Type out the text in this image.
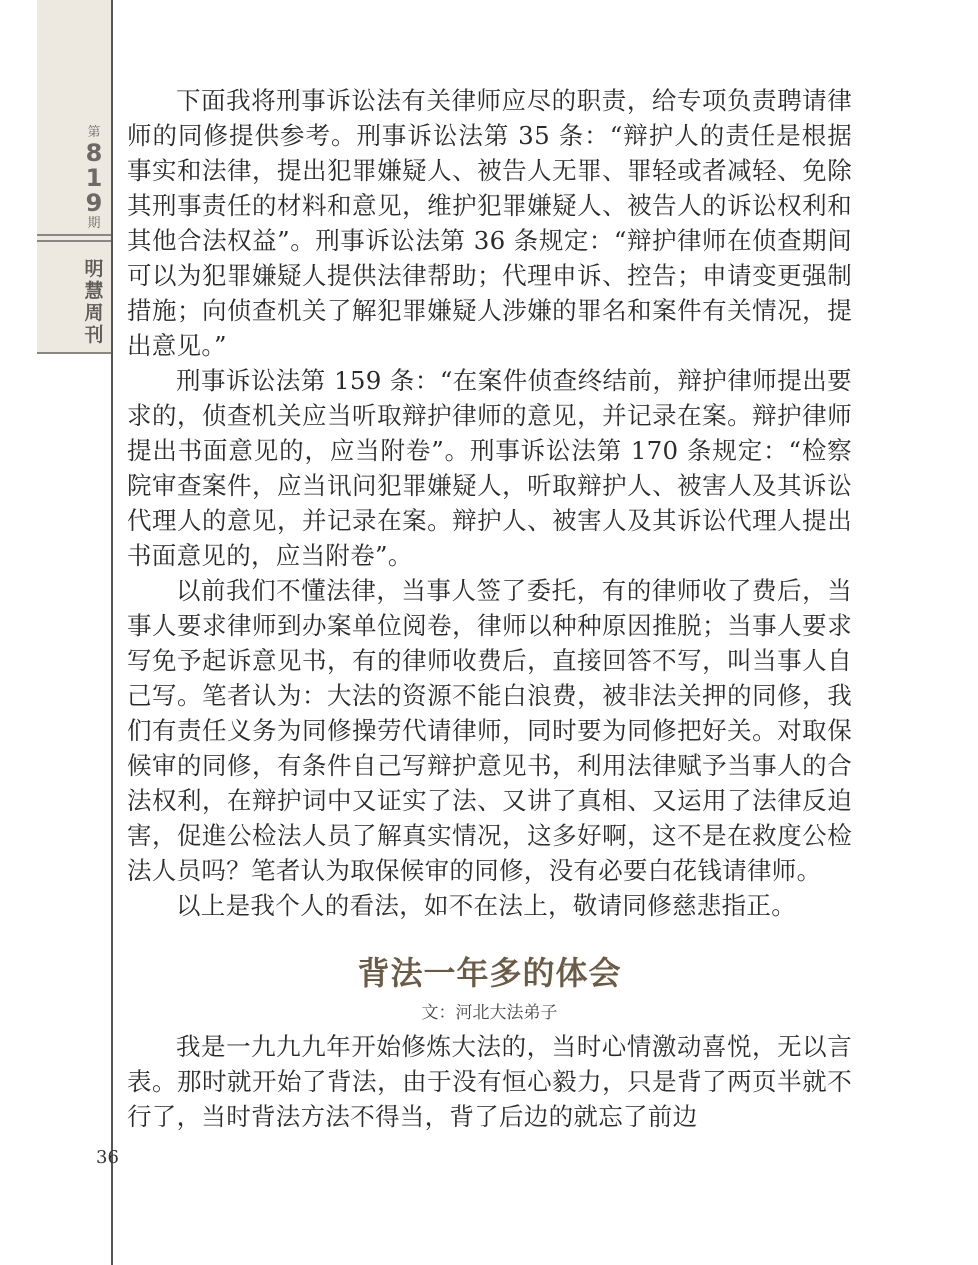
第
8
1
9
期
明
慧
周
刊

下面我将刑事诉讼法有关律师应尽的职责，给专项负责聘请律师的同修提供参考。刑事诉讼法第 35 条：“辩护人的责任是根据事实和法律，提出犯罪嫌疑人、被告人无罪、罪轻或者减轻、免除其刑事责任的材料和意见，维护犯罪嫌疑人、被告人的诉讼权利和其他合法权益”。刑事诉讼法第 36 条规定：“辩护律师在侦查期间可以为犯罪嫌疑人提供法律帮助；代理申诉、控告；申请变更强制措施；向侦查机关了解犯罪嫌疑人涉嫌的罪名和案件有关情况，提出意见。”

刑事诉讼法第 159 条：“在案件侦查终结前，辩护律师提出要求的，侦查机关应当听取辩护律师的意见，并记录在案。辩护律师提出书面意见的，应当附卷”。刑事诉讼法第 170 条规定：“检察院审查案件，应当讯问犯罪嫌疑人，听取辩护人、被害人及其诉讼代理人的意见，并记录在案。辩护人、被害人及其诉讼代理人提出书面意见的，应当附卷”。

以前我们不懂法律，当事人签了委托，有的律师收了费后，当事人要求律师到办案单位阅卷，律师以种种原因推脱；当事人要求写免予起诉意见书，有的律师收费后，直接回答不写，叫当事人自己写。笔者认为：大法的资源不能白浪费，被非法关押的同修，我们有责任义务为同修操劳代请律师，同时要为同修把好关。对取保候审的同修，有条件自己写辩护意见书，利用法律赋予当事人的合法权利，在辩护词中又证实了法、又讲了真相、又运用了法律反迫害，促進公检法人员了解真实情况，这多好啊，这不是在救度公检法人员吗？笔者认为取保候审的同修，没有必要白花钱请律师。

以上是我个人的看法，如不在法上，敬请同修慈悲指正。

背法一年多的体会
文：河北大法弟子

我是一九九九年开始修炼大法的，当时心情激动喜悦，无以言表。那时就开始了背法，由于没有恒心毅力，只是背了两页半就不行了，当时背法方法不得当，背了后边的就忘了前边

36
